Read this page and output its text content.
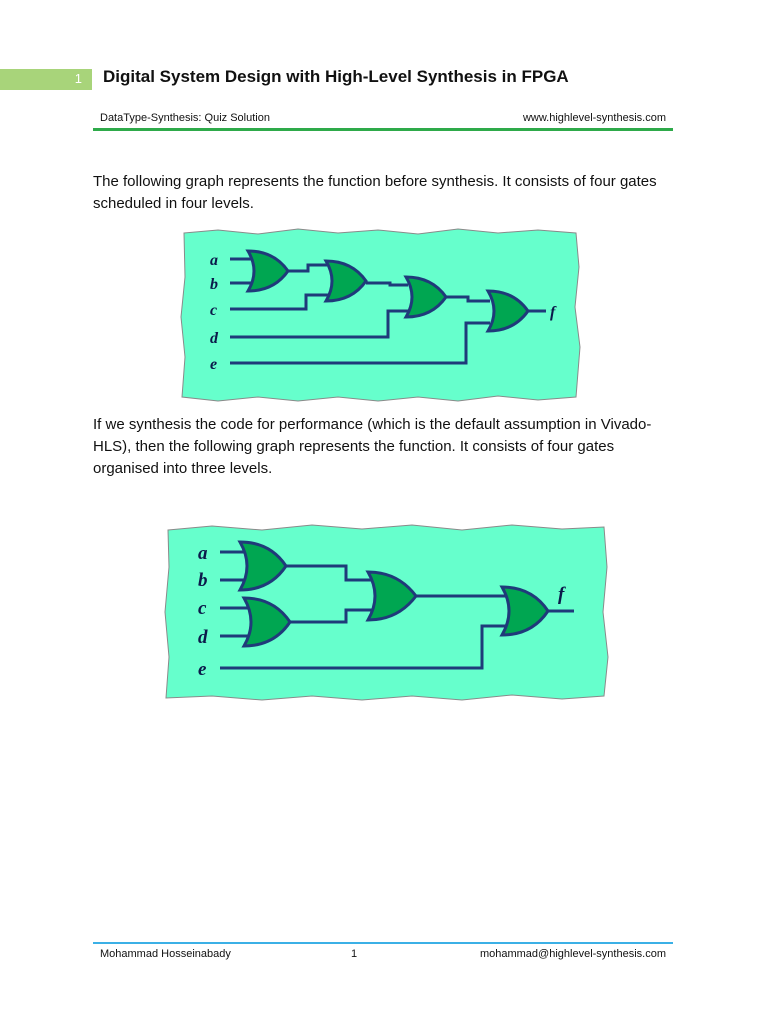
1 Digital System Design with High-Level Synthesis in FPGA
DataType-Synthesis: Quiz Solution	www.highlevel-synthesis.com
The following graph represents the function before synthesis. It consists of four gates scheduled in four levels.
a
b
c
d
e
f
If we synthesis the code for performance (which is the default assumption in Vivado-HLS), then the following graph represents the function. It consists of four gates organised into three levels.
a
b
c
d
e
f
Mohammad Hosseinabady	1	mohammad@highlevel-synthesis.com
